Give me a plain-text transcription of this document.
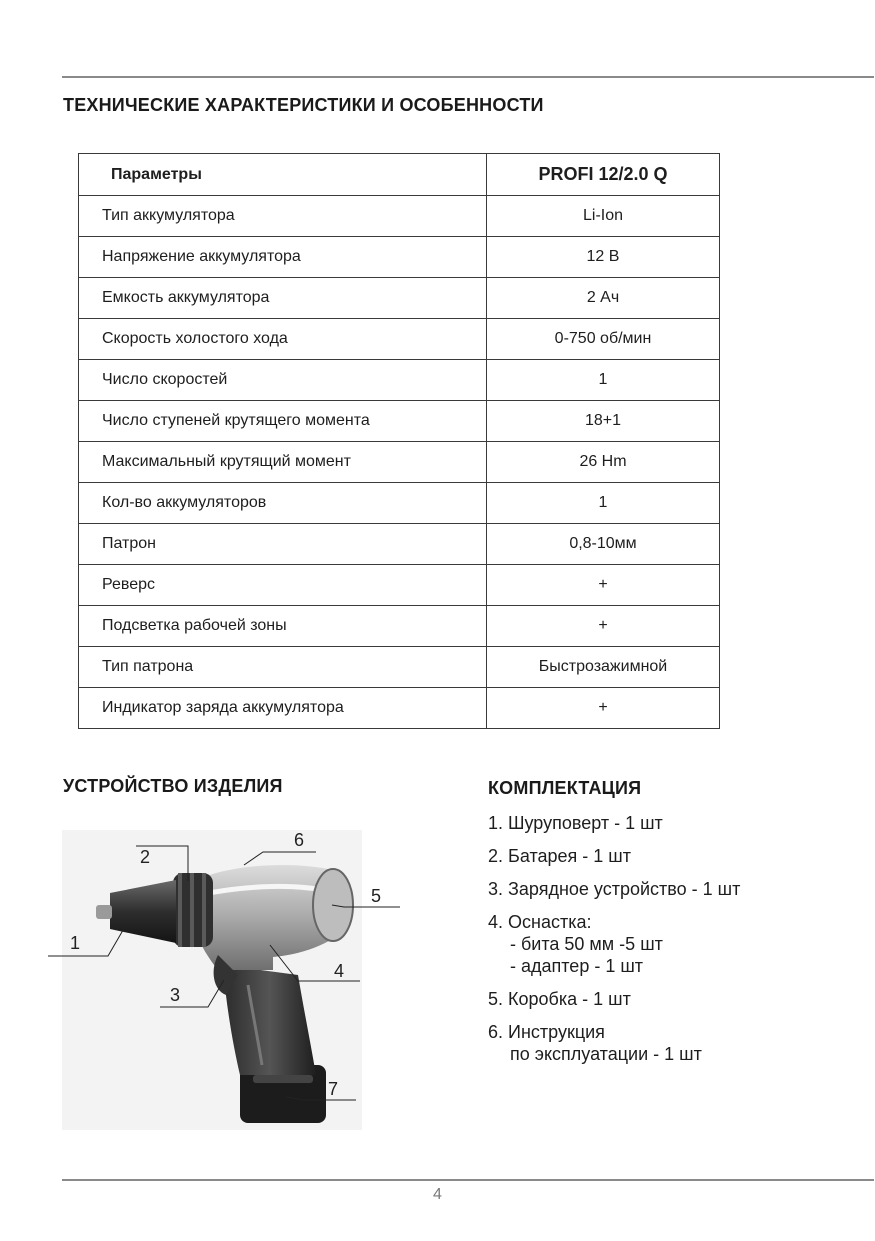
ТЕХНИЧЕСКИЕ ХАРАКТЕРИСТИКИ И ОСОБЕННОСТИ
Параметры	PROFI 12/2.0 Q
Тип аккумулятора	Li-Ion
Напряжение аккумулятора	12 В
Емкость аккумулятора	2 Ач
Скорость холостого хода	0-750 об/мин
Число скоростей	1
Число ступеней крутящего момента	18+1
Максимальный крутящий момент	26 Hm
Кол-во аккумуляторов	1
Патрон	0,8-10мм
Реверс	+
Подсветка рабочей зоны	+
Тип патрона	Быстрозажимной
Индикатор заряда аккумулятора	+
УСТРОЙСТВО ИЗДЕЛИЯ	КОМПЛЕКТАЦИЯ
1
2
3
4
5
6
7
1. Шуруповерт - 1 шт
2. Батарея - 1 шт
3. Зарядное устройство - 1 шт
4. Оснастка:
- бита 50 мм -5 шт
- адаптер - 1 шт
5. Коробка - 1 шт
6. Инструкция
по эксплуатации - 1 шт
4
